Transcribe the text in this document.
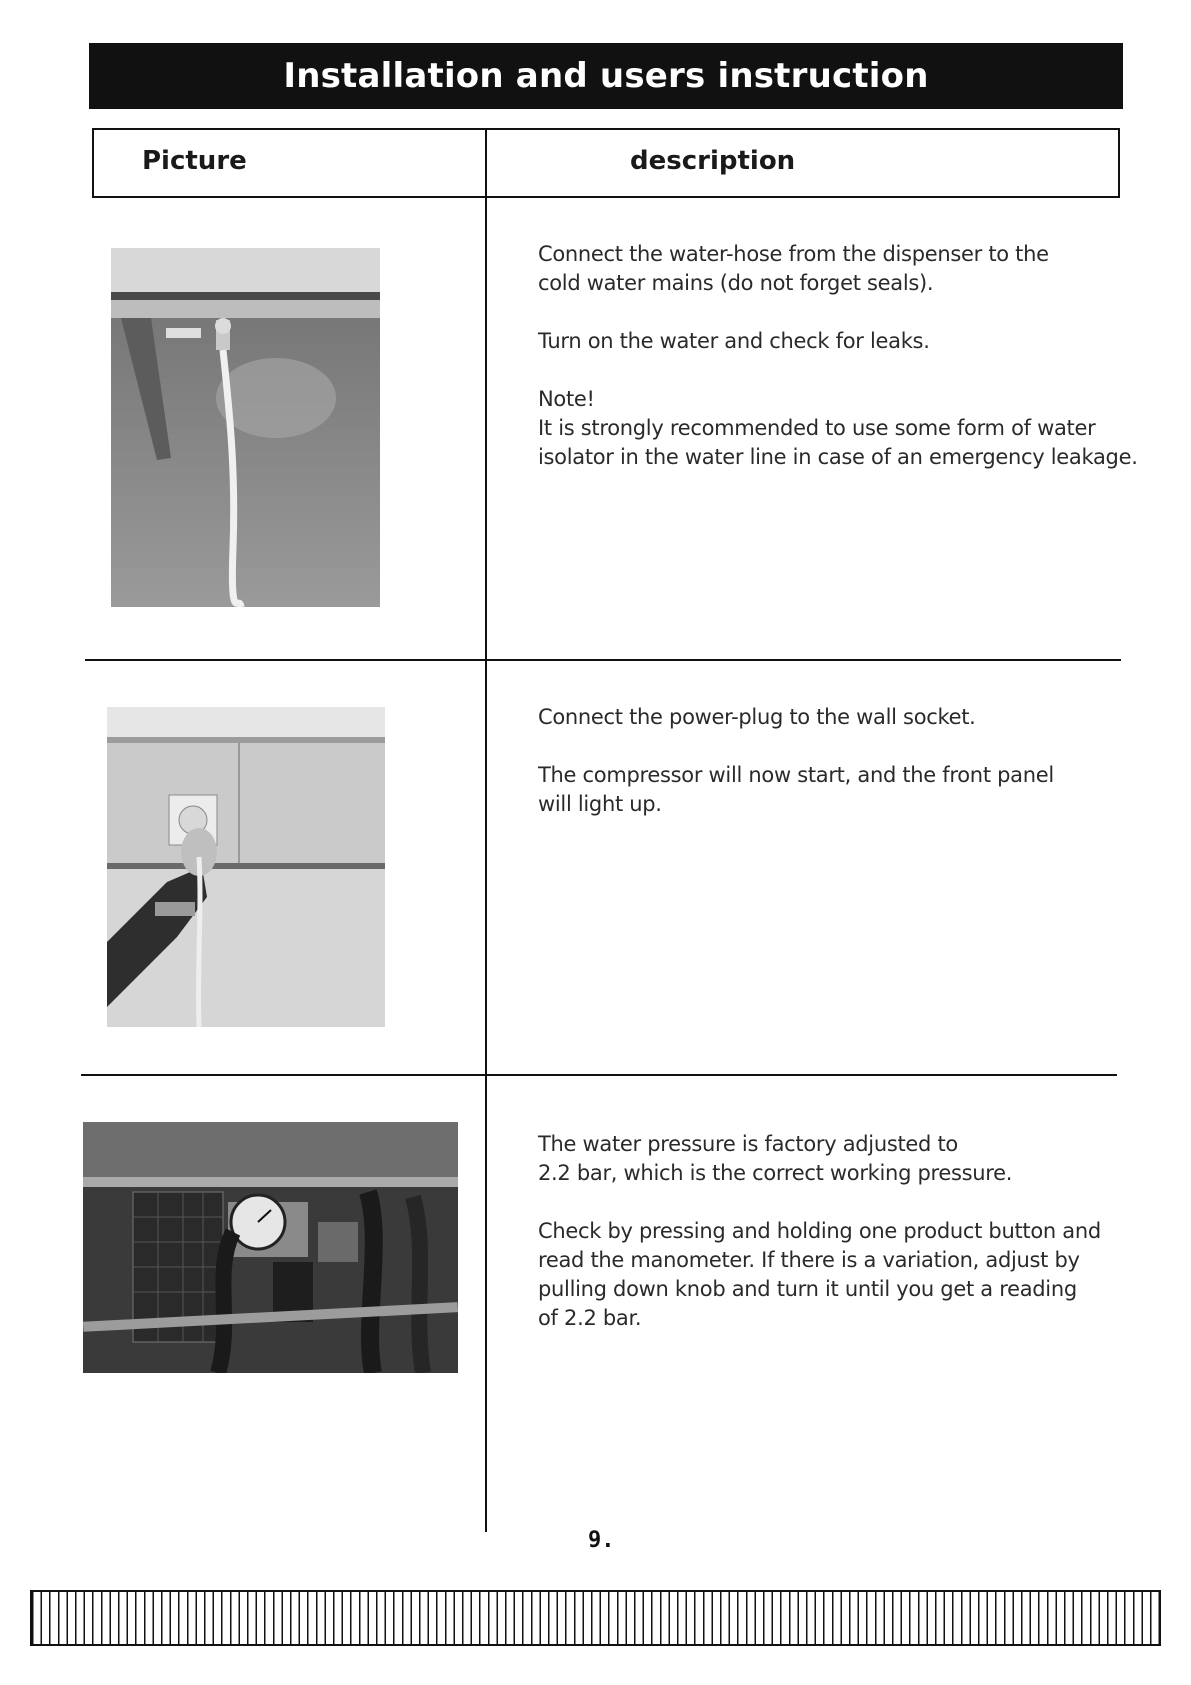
Installation and users instruction
Picture	description

Connect the water-hose from the dispenser to the
cold water mains (do not forget seals).

Turn on the water and check for leaks.

Note!
It is strongly recommended to use some form of water
isolator in the water line in case of an emergency leakage.

Connect the power-plug to the wall socket.

The compressor will now start, and the front panel
will light up.

The water pressure is factory adjusted to
2.2 bar, which is the correct working pressure.

Check by pressing and holding one product button and
read the manometer. If there is a variation, adjust by
pulling down knob and turn it until you get a reading
of 2.2 bar.

9.
